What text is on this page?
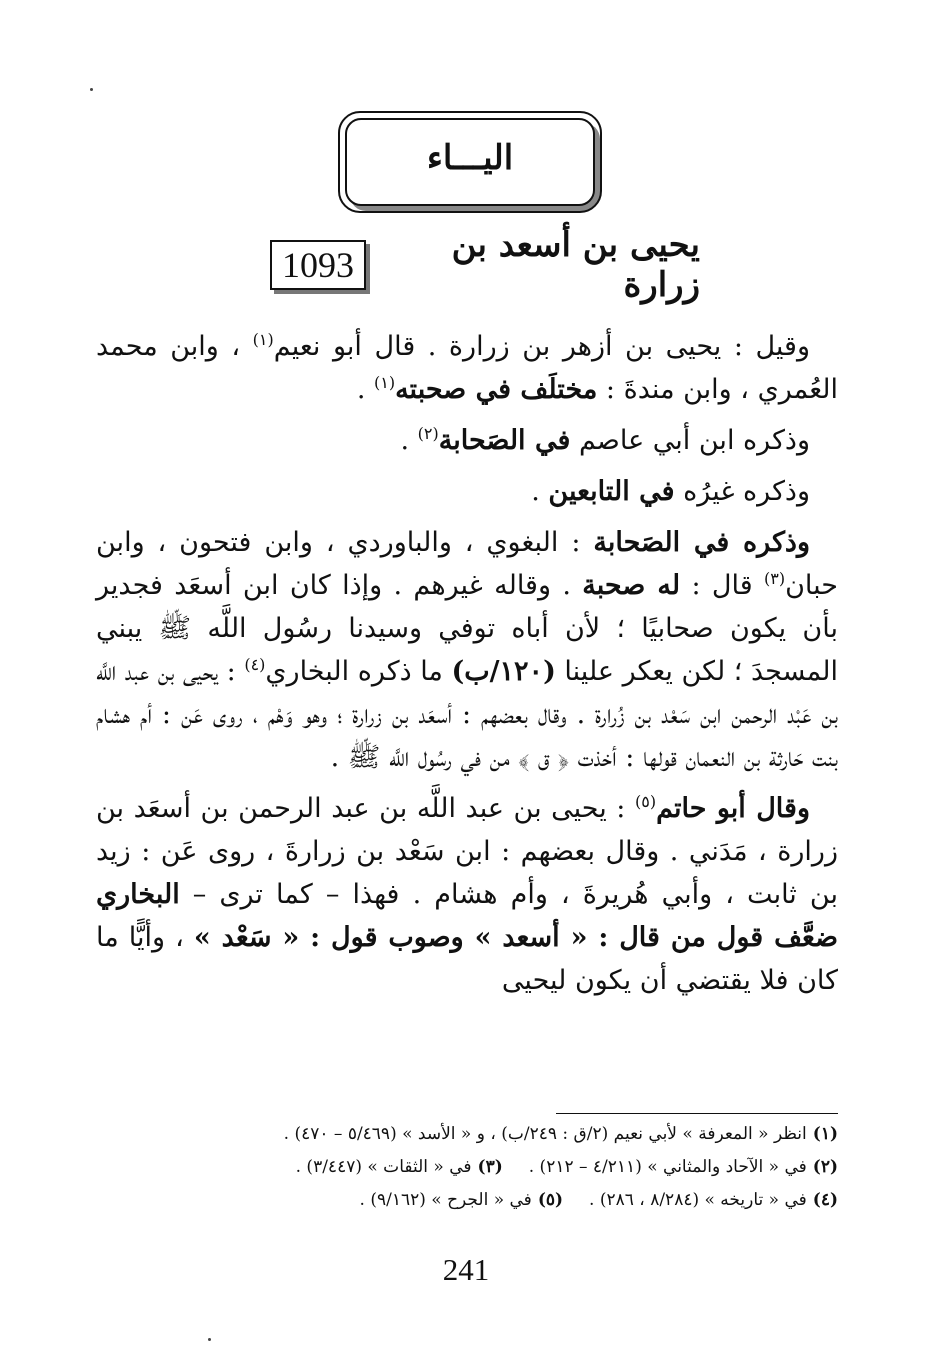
اليـــاء
يحيى بن أسعد بن زرارة
1093

وقيل : يحيى بن أزهر بن زرارة . قال أبو نعيم$^{(١)}$ ، وابن محمد العُمري ، وابن مندةَ : مختلَف في صحبته$^{(١)}$ .

وذكره ابن أبي عاصم في الصَحابة$^{(٢)}$ .

وذكره غيرُه في التابعين .

وذكره في الصَحابة : البغوي ، والباوردي ، وابن فتحون ، وابن حبان$^{(٣)}$ قال : له صحبة . وقاله غيرهم . وإذا كان ابن أسعَد فجدير بأن يكون صحابيًا ؛ لأن أباه توفي وسيدنا رسُول اللَّه ﷺ يبني المسجدَ ؛ لكن يعكر علينا (١٢٠/ب) ما ذكره البخاري$^{(٤)}$ : يحيى بن عبد اللَّه بن عَبْد الرحمن ابن سَعْد بن زُرارة . وقال بعضهم : أسعَد بن زرارة ؛ وهو وَهْم ، روى عَن : أم هشام بنت حَارثة بن النعمان قولها : أخذت ﴿ ق ﴾ من في رسُول اللَّه ﷺ .

وقال أبو حاتم$^{(٥)}$ : يحيى بن عبد اللَّه بن عبد الرحمن بن أسعَد بن زرارة ، مَدَني . وقال بعضهم : ابن سَعْد بن زرارةَ ، روى عَن : زيد بن ثابت ، وأبي هُريرةَ ، وأم هشام . فهذا – كما ترى – البخاري ضعَّف قول من قال : « أسعد » وصوب قول : « سَعْد » ، وأيًّا ما كان فلا يقتضي أن يكون ليحيى

(١)انظر « المعرفة » لأبي نعيم (٢/ق : ٢٤٩/ب) ، و « الأسد » (٥/٤٦٩ – ٤٧٠) .
(٢)في « الآحاد والمثاني » (٤/٢١١ – ٢١٢) .(٣)في « الثقات » (٣/٤٤٧) .
(٤)في « تاريخه » (٨/٢٨٤ ، ٢٨٦) .(٥)في « الجرح » (٩/١٦٢) .
241
